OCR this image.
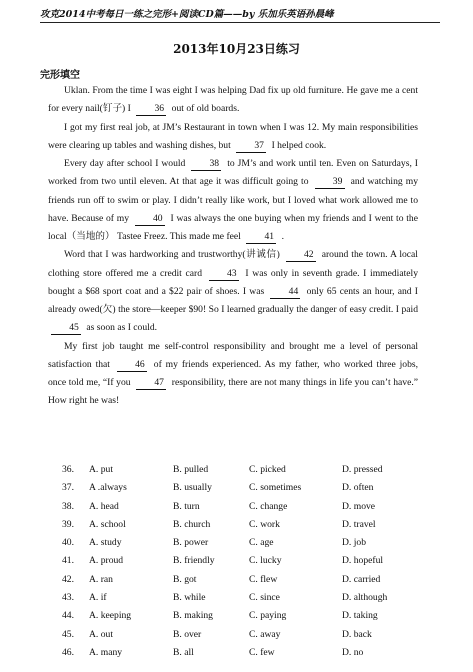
攻克2014中考每日一练之完形+阅读CD篇——by 乐加乐英语孙晨峰
2013年10月23日练习
完形填空

Uklan. From the time I was eight I was helping Dad fix up old furniture. He gave me a cent for every nail(钉子) I 36 out of old boards.

I got my first real job, at JM’s Restaurant in town when I was 12. My main responsibilities were clearing up tables and washing dishes, but 37 I helped cook.

Every day after school I would	38 to JM’s and work until ten. Even on Saturdays, I worked from two until eleven. At that age it was difficult going to	39 and watching my friends run off to swim or play. I didn’t really like work, but I loved what work allowed me to have. Because of my 40 I was always the one buying when my friends and I went to the local（当地的） Tastee Freez. This made me feel 41 .

Word that I was hardworking and trustworthy(讲诚信)	42 around the town. A local clothing store offered me a credit card	43 I was only in seventh grade. I immediately bought a $68 sport coat and a $22 pair of shoes. I was	44 only 65 cents an hour, and I already owed(欠) the store—keeper $90! So I learned gradually the danger of easy credit. I paid 45 as soon as I could.

My first job taught me self-control responsibility and brought me a level of personal satisfaction that	46 of my friends experienced. As my father, who worked three jobs, once told me, “If you 47 responsibility, there are not many things in life you can’t have.” How right he was!

36. A. put	B. pulled	C. picked	D. pressed
37. A .always	B. usually	C. sometimes	D. often
38. A. head	B. turn	C. change	D. move
39. A. school	B. church	C. work	D. travel
40. A. study	B. power	C. age	D. job
41. A. proud	B. friendly	C. lucky	D. hopeful
42. A. ran	B. got	C. flew	D. carried
43. A. if	B. while	C. since	D. although
44. A. keeping	B. making	C. paying	D. taking
45. A. out	B. over	C. away	D. back
46. A. many	B. all	C. few	D. no
